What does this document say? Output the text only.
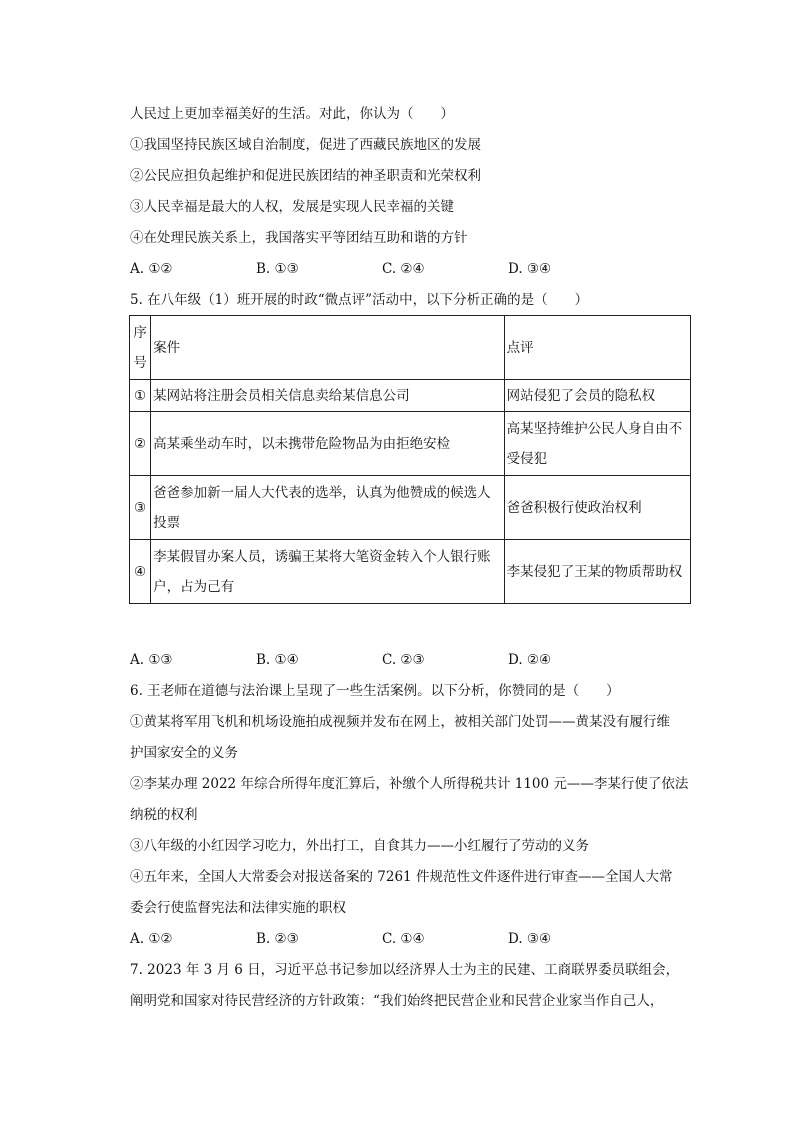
人民过上更加幸福美好的生活。对此，你认为（　　）
①我国坚持民族区域自治制度，促进了西藏民族地区的发展
②公民应担负起维护和促进民族团结的神圣职责和光荣权利
③人民幸福是最大的人权，发展是实现人民幸福的关键
④在处理民族关系上，我国落实平等团结互助和谐的方针
A. ①②	B. ①③	C. ②④	D. ③④
5. 在八年级（1）班开展的时政“微点评”活动中，以下分析正确的是（　　）
序号	案件	点评
①	某网站将注册会员相关信息卖给某信息公司	网站侵犯了会员的隐私权
②	高某乘坐动车时，以未携带危险物品为由拒绝安检	高某坚持维护公民人身自由不受侵犯
③	爸爸参加新一届人大代表的选举，认真为他赞成的候选人投票	爸爸积极行使政治权利
④	李某假冒办案人员，诱骗王某将大笔资金转入个人银行账户，占为己有	李某侵犯了王某的物质帮助权
A. ①③	B. ①④	C. ②③	D. ②④
6. 王老师在道德与法治课上呈现了一些生活案例。以下分析，你赞同的是（　　）
①黄某将军用飞机和机场设施拍成视频并发布在网上，被相关部门处罚——黄某没有履行维
护国家安全的义务
②李某办理 2022 年综合所得年度汇算后，补缴个人所得税共计 1100 元——李某行使了依法
纳税的权利
③八年级的小红因学习吃力，外出打工，自食其力——小红履行了劳动的义务
④五年来，全国人大常委会对报送备案的 7261 件规范性文件逐件进行审查——全国人大常
委会行使监督宪法和法律实施的职权
A. ①②	B. ②③	C. ①④	D. ③④
7. 2023 年 3 月 6 日，习近平总书记参加以经济界人士为主的民建、工商联界委员联组会，
阐明党和国家对待民营经济的方针政策：“我们始终把民营企业和民营企业家当作自己人，
